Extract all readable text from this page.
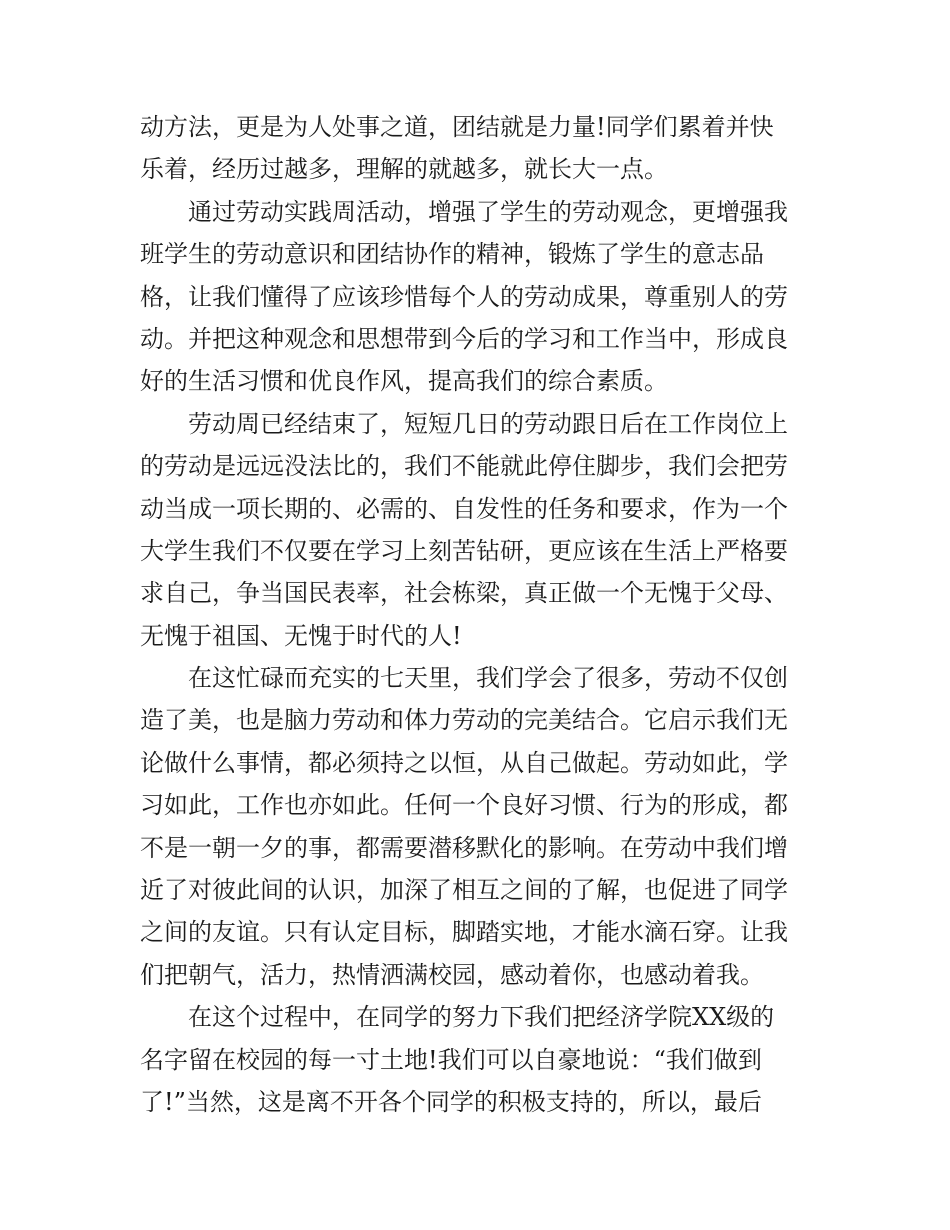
动方法，更是为人处事之道，团结就是力量!同学们累着并快
乐着，经历过越多，理解的就越多，就长大一点。
通过劳动实践周活动，增强了学生的劳动观念，更增强我
班学生的劳动意识和团结协作的精神，锻炼了学生的意志品
格，让我们懂得了应该珍惜每个人的劳动成果，尊重别人的劳
动。并把这种观念和思想带到今后的学习和工作当中，形成良
好的生活习惯和优良作风，提高我们的综合素质。
劳动周已经结束了，短短几日的劳动跟日后在工作岗位上
的劳动是远远没法比的，我们不能就此停住脚步，我们会把劳
动当成一项长期的、必需的、自发性的任务和要求，作为一个
大学生我们不仅要在学习上刻苦钻研，更应该在生活上严格要
求自己，争当国民表率，社会栋梁，真正做一个无愧于父母、
无愧于祖国、无愧于时代的人!
在这忙碌而充实的七天里，我们学会了很多，劳动不仅创
造了美，也是脑力劳动和体力劳动的完美结合。它启示我们无
论做什么事情，都必须持之以恒，从自己做起。劳动如此，学
习如此，工作也亦如此。任何一个良好习惯、行为的形成，都
不是一朝一夕的事，都需要潜移默化的影响。在劳动中我们增
近了对彼此间的认识，加深了相互之间的了解，也促进了同学
之间的友谊。只有认定目标，脚踏实地，才能水滴石穿。让我
们把朝气，活力，热情洒满校园，感动着你，也感动着我。
在这个过程中，在同学的努力下我们把经济学院XX级的
名字留在校园的每一寸土地!我们可以自豪地说：“我们做到
了!”当然，这是离不开各个同学的积极支持的，所以，最后
